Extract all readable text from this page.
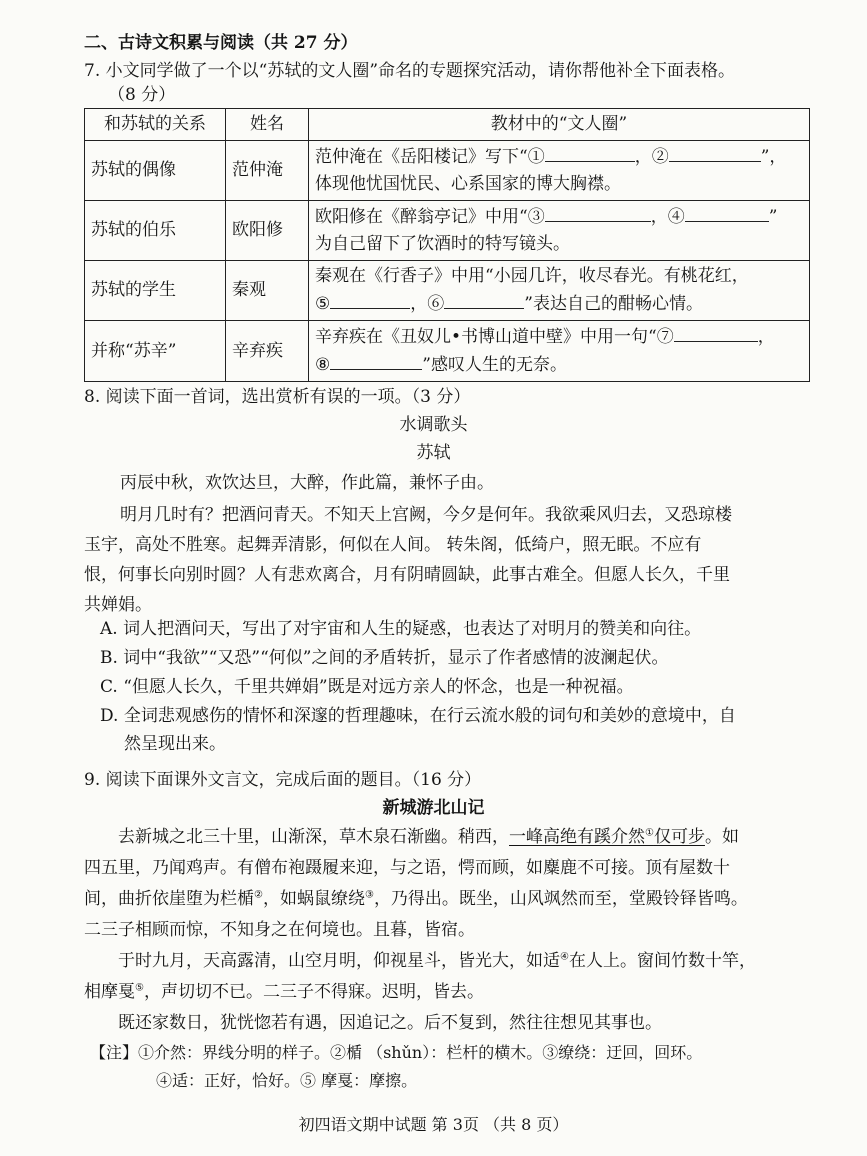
二、古诗文积累与阅读（共 27 分）
7. 小文同学做了一个以“苏轼的文人圈”命名的专题探究活动，请你帮他补全下面表格。
（8 分）
和苏轼的关系	姓名	教材中的“文人圈”
苏轼的偶像	范仲淹	范仲淹在《岳阳楼记》写下“① ，② ”，
体现他忧国忧民、心系国家的博大胸襟。
苏轼的伯乐	欧阳修	欧阳修在《醉翁亭记》中用“③ ，④ ”
为自己留下了饮酒时的特写镜头。
苏轼的学生	秦观	秦观在《行香子》中用“小园几许，收尽春光。有桃花红，
⑤ ，⑥ ”表达自己的酣畅心情。
并称“苏辛”	辛弃疾	辛弃疾在《丑奴儿•书博山道中壁》中用一句“⑦ ，
⑧ ”感叹人生的无奈。
8. 阅读下面一首词，选出赏析有误的一项。（3 分）
水调歌头
苏轼
丙辰中秋，欢饮达旦，大醉，作此篇，兼怀子由。
明月几时有？把酒问青天。不知天上宫阙，今夕是何年。我欲乘风归去，又恐琼楼
玉宇，高处不胜寒。起舞弄清影，何似在人间。 转朱阁，低绮户，照无眠。不应有
恨，何事长向别时圆？人有悲欢离合，月有阴晴圆缺，此事古难全。但愿人长久，千里
共婵娟。
A. 词人把酒问天，写出了对宇宙和人生的疑惑，也表达了对明月的赞美和向往。
B. 词中“我欲”“又恐”“何似”之间的矛盾转折，显示了作者感情的波澜起伏。
C. “但愿人长久，千里共婵娟”既是对远方亲人的怀念，也是一种祝福。
D. 全词悲观感伤的情怀和深邃的哲理趣味，在行云流水般的词句和美妙的意境中，自
然呈现出来。
9. 阅读下面课外文言文，完成后面的题目。（16 分）
新城游北山记
去新城之北三十里，山渐深，草木泉石渐幽。稍西，一峰高绝有蹊介然①仅可步。如
四五里，乃闻鸡声。有僧布袍蹑履来迎，与之语，愕而顾，如麋鹿不可接。顶有屋数十
间，曲折依崖堕为栏楯②，如蜗鼠缭绕③，乃得出。既坐，山风飒然而至，堂殿铃铎皆鸣。
二三子相顾而惊，不知身之在何境也。且暮，皆宿。
于时九月，天高露清，山空月明，仰视星斗，皆光大，如适④在人上。窗间竹数十竿，
相摩戛⑤，声切切不已。二三子不得寐。迟明，皆去。
既还家数日，犹恍惚若有遇，因追记之。后不复到，然往往想见其事也。
【注】①介然：界线分明的样子。②楯 （shǔn）：栏杆的横木。③缭绕：迂回，回环。
④适：正好，恰好。⑤ 摩戛：摩擦。
初四语文期中试题 第 3页 （共 8 页）
